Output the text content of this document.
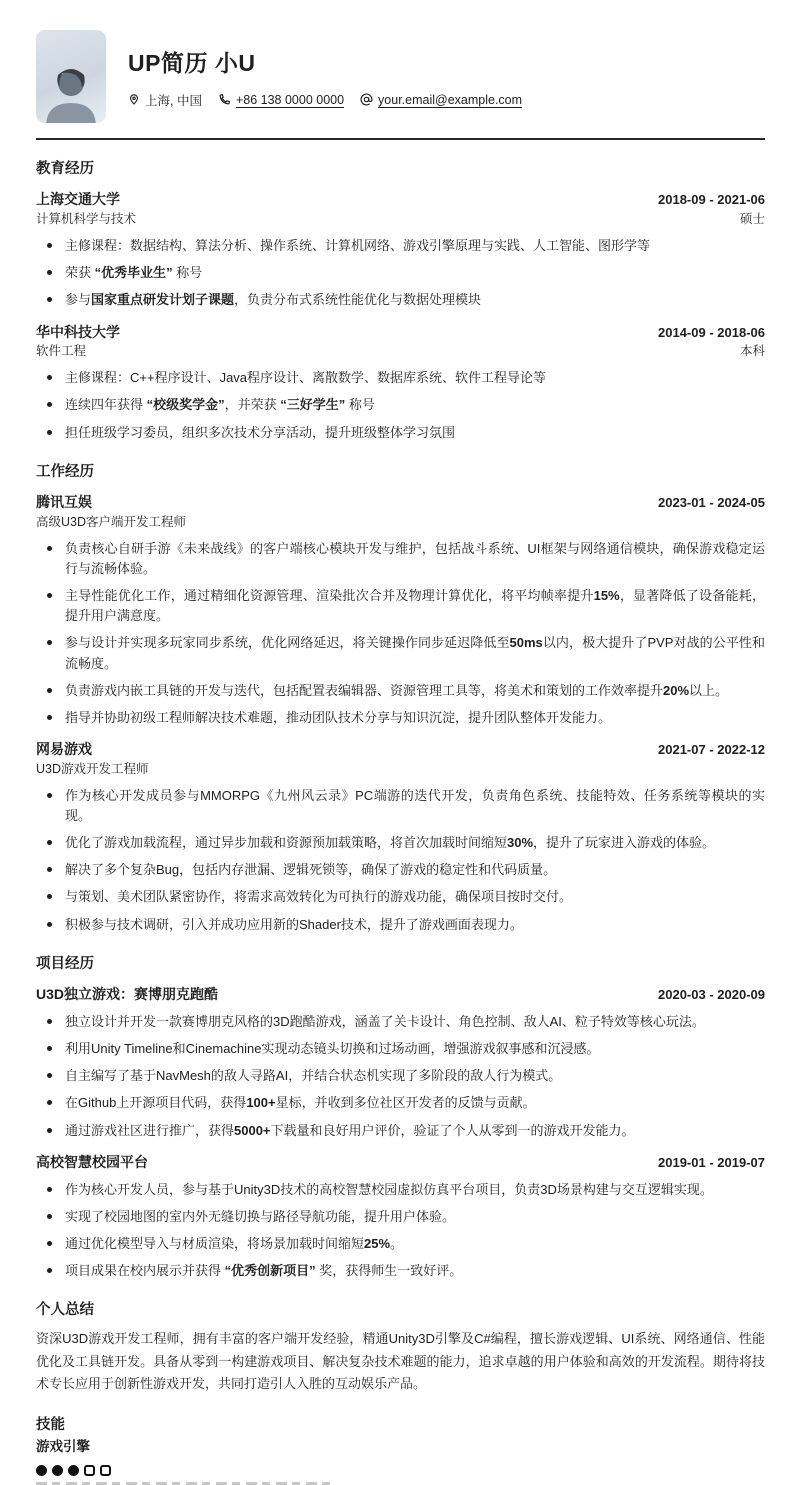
UP简历 小U
上海, 中国	+86 138 0000 0000	your.email@example.com
教育经历
上海交通大学	2018-09 - 2021-06
计算机科学与技术	硕士
主修课程：数据结构、算法分析、操作系统、计算机网络、游戏引擎原理与实践、人工智能、图形学等
荣获 “优秀毕业生” 称号
参与国家重点研发计划子课题，负责分布式系统性能优化与数据处理模块
华中科技大学	2014-09 - 2018-06
软件工程	本科
主修课程：C++程序设计、Java程序设计、离散数学、数据库系统、软件工程导论等
连续四年获得 “校级奖学金”，并荣获 “三好学生” 称号
担任班级学习委员，组织多次技术分享活动，提升班级整体学习氛围
工作经历
腾讯互娱	2023-01 - 2024-05
高级U3D客户端开发工程师
负责核心自研手游《未来战线》的客户端核心模块开发与维护，包括战斗系统、UI框架与网络通信模块，确保游戏稳定运行与流畅体验。
主导性能优化工作，通过精细化资源管理、渲染批次合并及物理计算优化，将平均帧率提升15%，显著降低了设备能耗，提升用户满意度。
参与设计并实现多玩家同步系统，优化网络延迟，将关键操作同步延迟降低至50ms以内，极大提升了PVP对战的公平性和流畅度。
负责游戏内嵌工具链的开发与迭代，包括配置表编辑器、资源管理工具等，将美术和策划的工作效率提升20%以上。
指导并协助初级工程师解决技术难题，推动团队技术分享与知识沉淀，提升团队整体开发能力。
网易游戏	2021-07 - 2022-12
U3D游戏开发工程师
作为核心开发成员参与MMORPG《九州风云录》PC端游的迭代开发，负责角色系统、技能特效、任务系统等模块的实现。
优化了游戏加载流程，通过异步加载和资源预加载策略，将首次加载时间缩短30%，提升了玩家进入游戏的体验。
解决了多个复杂Bug，包括内存泄漏、逻辑死锁等，确保了游戏的稳定性和代码质量。
与策划、美术团队紧密协作，将需求高效转化为可执行的游戏功能，确保项目按时交付。
积极参与技术调研，引入并成功应用新的Shader技术，提升了游戏画面表现力。
项目经历
U3D独立游戏：赛博朋克跑酷	2020-03 - 2020-09
独立设计并开发一款赛博朋克风格的3D跑酷游戏，涵盖了关卡设计、角色控制、敌人AI、粒子特效等核心玩法。
利用Unity Timeline和Cinemachine实现动态镜头切换和过场动画，增强游戏叙事感和沉浸感。
自主编写了基于NavMesh的敌人寻路AI，并结合状态机实现了多阶段的敌人行为模式。
在Github上开源项目代码，获得100+星标，并收到多位社区开发者的反馈与贡献。
通过游戏社区进行推广，获得5000+下载量和良好用户评价，验证了个人从零到一的游戏开发能力。
高校智慧校园平台	2019-01 - 2019-07
作为核心开发人员，参与基于Unity3D技术的高校智慧校园虚拟仿真平台项目，负责3D场景构建与交互逻辑实现。
实现了校园地图的室内外无缝切换与路径导航功能，提升用户体验。
通过优化模型导入与材质渲染，将场景加载时间缩短25%。
项目成果在校内展示并获得 “优秀创新项目” 奖，获得师生一致好评。
个人总结

资深U3D游戏开发工程师，拥有丰富的客户端开发经验，精通Unity3D引擎及C#编程，擅长游戏逻辑、UI系统、网络通信、性能优化及工具链开发。具备从零到一构建游戏项目、解决复杂技术难题的能力，追求卓越的用户体验和高效的开发流程。期待将技术专长应用于创新性游戏开发，共同打造引人入胜的互动娱乐产品。

技能
游戏引擎
